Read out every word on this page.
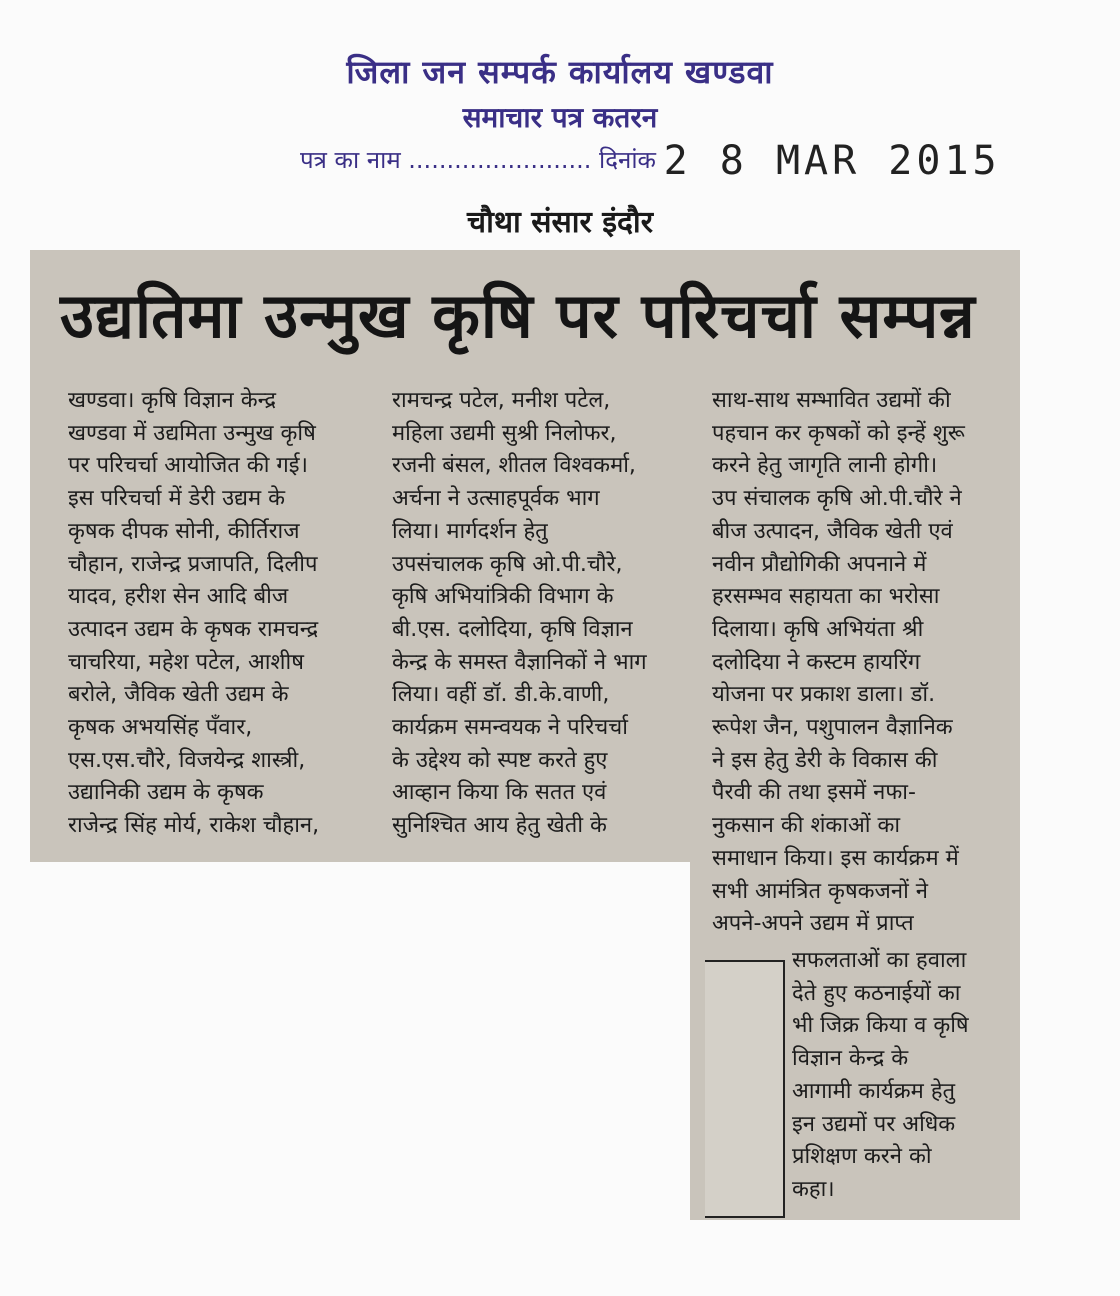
जिला जन सम्पर्क कार्यालय खण्डवा
समाचार पत्र कतरन
पत्र का नाम ........................ दिनांक 2 8 MAR 2015
चौथा संसार इंदौर
उद्यतिमा उन्मुख कृषि पर परिचर्चा सम्पन्न
खण्डवा। कृषि विज्ञान केन्द्र
खण्डवा में उद्यमिता उन्मुख कृषि
पर परिचर्चा आयोजित की गई।
इस परिचर्चा में डेरी उद्यम के
कृषक दीपक सोनी, कीर्तिराज
चौहान, राजेन्द्र प्रजापति, दिलीप
यादव, हरीश सेन आदि बीज
उत्पादन उद्यम के कृषक रामचन्द्र
चाचरिया, महेश पटेल, आशीष
बरोले, जैविक खेती उद्यम के
कृषक अभयसिंह पँवार,
एस.एस.चौरे, विजयेन्द्र शास्त्री,
उद्यानिकी उद्यम के कृषक
राजेन्द्र सिंह मोर्य, राकेश चौहान,
रामचन्द्र पटेल, मनीश पटेल,
महिला उद्यमी सुश्री निलोफर,
रजनी बंसल, शीतल विश्वकर्मा,
अर्चना ने उत्साहपूर्वक भाग
लिया। मार्गदर्शन हेतु
उपसंचालक कृषि ओ.पी.चौरे,
कृषि अभियांत्रिकी विभाग के
बी.एस. दलोदिया, कृषि विज्ञान
केन्द्र के समस्त वैज्ञानिकों ने भाग
लिया। वहीं डॉ. डी.के.वाणी,
कार्यक्रम समन्वयक ने परिचर्चा
के उद्देश्य को स्पष्ट करते हुए
आव्हान किया कि सतत एवं
सुनिश्चित आय हेतु खेती के
साथ-साथ सम्भावित उद्यमों की
पहचान कर कृषकों को इन्हें शुरू
करने हेतु जागृति लानी होगी।
उप संचालक कृषि ओ.पी.चौरे ने
बीज उत्पादन, जैविक खेती एवं
नवीन प्रौद्योगिकी अपनाने में
हरसम्भव सहायता का भरोसा
दिलाया। कृषि अभियंता श्री
दलोदिया ने कस्टम हायरिंग
योजना पर प्रकाश डाला। डॉ.
रूपेश जैन, पशुपालन वैज्ञानिक
ने इस हेतु डेरी के विकास की
पैरवी की तथा इसमें नफा-
नुकसान की शंकाओं का
समाधान किया। इस कार्यक्रम में
सभी आमंत्रित कृषकजनों ने
अपने-अपने उद्यम में प्राप्त
सफलताओं का हवाला
देते हुए कठनाईयों का
भी जिक्र किया व कृषि
विज्ञान केन्द्र के
आगामी कार्यक्रम हेतु
इन उद्यमों पर अधिक
प्रशिक्षण करने को
कहा।
